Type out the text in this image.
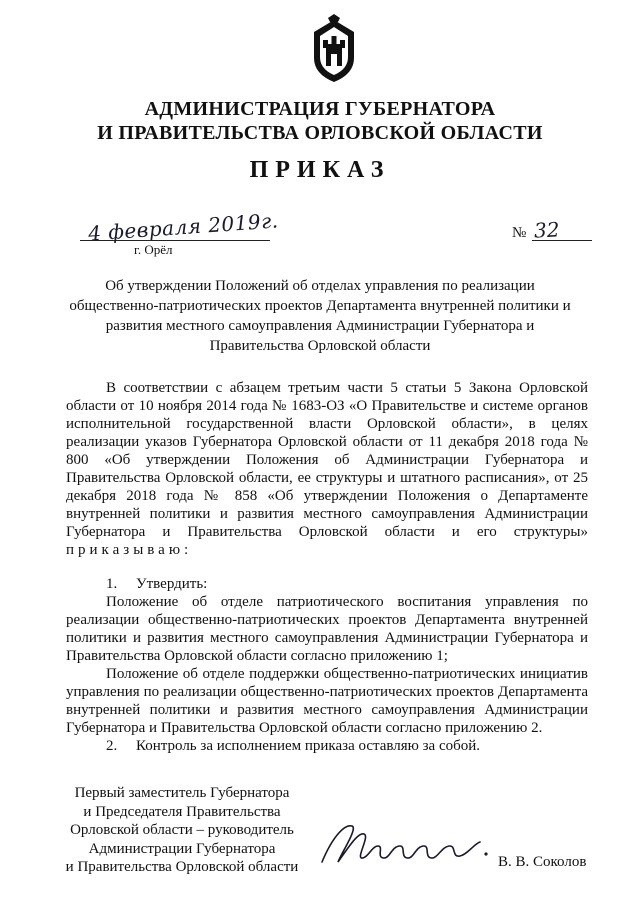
АДМИНИСТРАЦИЯ ГУБЕРНАТОРА
И ПРАВИТЕЛЬСТВА ОРЛОВСКОЙ ОБЛАСТИ
ПРИКАЗ
4 февраля 2019г.
г. Орёл
№ 32
Об утверждении Положений об отделах управления по реализации общественно-патриотических проектов Департамента внутренней политики и развития местного самоуправления Администрации Губернатора и Правительства Орловской области
В соответствии с абзацем третьим части 5 статьи 5 Закона Орловской области от 10 ноября 2014 года № 1683-ОЗ «О Правительстве и системе органов исполнительной государственной власти Орловской области», в целях реализации указов Губернатора Орловской области от 11 декабря 2018 года № 800 «Об утверждении Положения об Администрации Губернатора и Правительства Орловской области, ее структуры и штатного расписания», от 25 декабря 2018 года № 858 «Об утверждении Положения о Департаменте внутренней политики и развития местного самоуправления Администрации Губернатора и Правительства Орловской области и его структуры» приказываю:
1.     Утвердить:
Положение об отделе патриотического воспитания управления по реализации общественно-патриотических проектов Департамента внутренней политики и развития местного самоуправления Администрации Губернатора и Правительства Орловской области согласно приложению 1;
Положение об отделе поддержки общественно-патриотических инициатив управления по реализации общественно-патриотических проектов Департамента внутренней политики и развития местного самоуправления Администрации Губернатора и Правительства Орловской области согласно приложению 2.
2.     Контроль за исполнением приказа оставляю за собой.
Первый заместитель Губернатора
и Председателя Правительства
Орловской области – руководитель
Администрации Губернатора
и Правительства Орловской области	В. В. Соколов
